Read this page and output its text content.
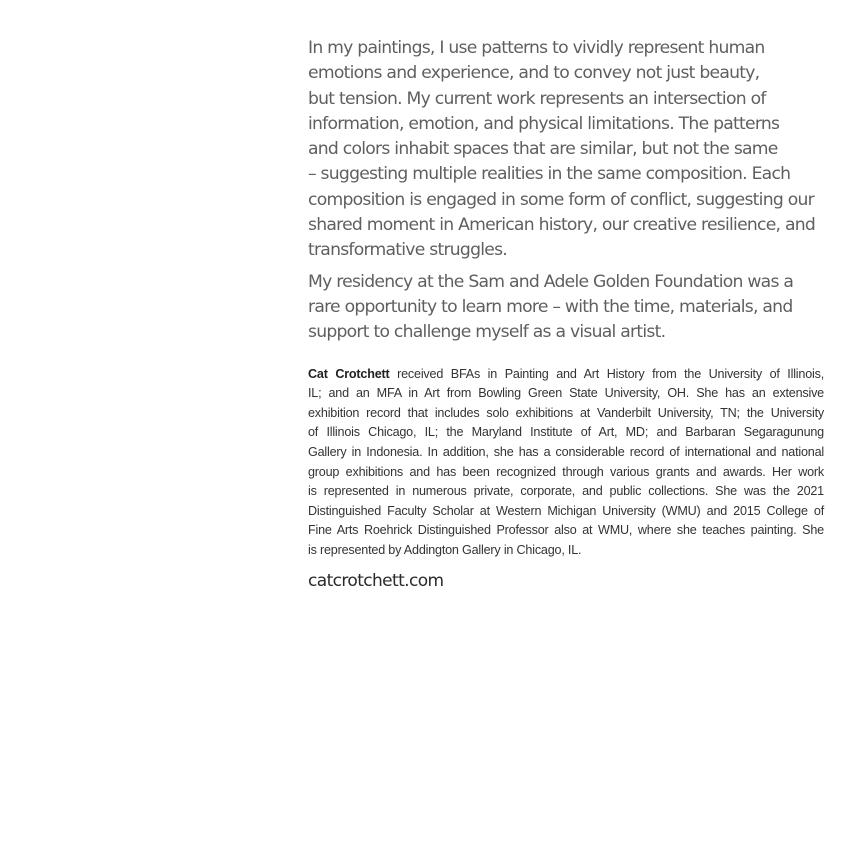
In my paintings, I use patterns to vividly represent human
emotions and experience, and to convey not just beauty,
but tension. My current work represents an intersection of
information, emotion, and physical limitations. The patterns
and colors inhabit spaces that are similar, but not the same
– suggesting multiple realities in the same composition. Each
composition is engaged in some form of conflict, suggesting our
shared moment in American history, our creative resilience, and
transformative struggles.
My residency at the Sam and Adele Golden Foundation was a
rare opportunity to learn more – with the time, materials, and
support to challenge myself as a visual artist.
Cat Crotchett received BFAs in Painting and Art History from the University of Illinois,
IL; and an MFA in Art from Bowling Green State University, OH. She has an extensive
exhibition record that includes solo exhibitions at Vanderbilt University, TN; the University
of Illinois Chicago, IL; the Maryland Institute of Art, MD; and Barbaran Segaragunung
Gallery in Indonesia. In addition, she has a considerable record of international and national
group exhibitions and has been recognized through various grants and awards. Her work
is represented in numerous private, corporate, and public collections. She was the 2021
Distinguished Faculty Scholar at Western Michigan University (WMU) and 2015 College of
Fine Arts Roehrick Distinguished Professor also at WMU, where she teaches painting. She
is represented by Addington Gallery in Chicago, IL.
catcrotchett.com
